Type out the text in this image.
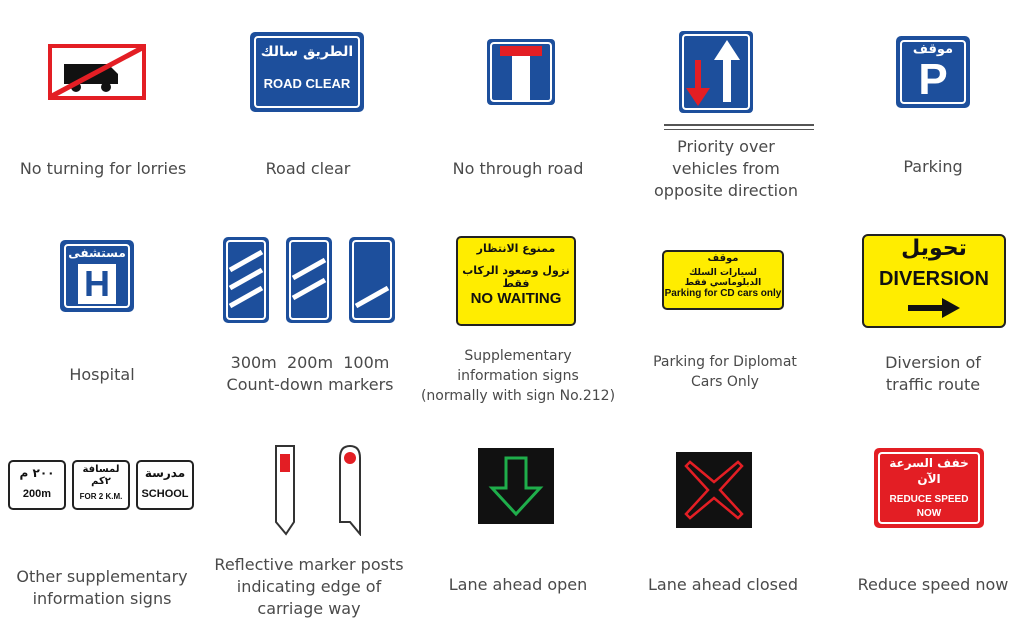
No turning for lorries
الطريق سالك
ROAD CLEAR
Road clear	No through road
Priority over
vehicles from
opposite direction
موقف
P
Parking
مستشفى
H
Hospital
300m  200m  100m
Count-down markers
ممنوع الانتظار
نزول وصعود الركاب فقط
NO WAITING
Supplementary
information signs
(normally with sign No.212)
موقف
لسيارات السلك الدبلوماسي فقط
Parking for CD cars only
Parking for Diplomat
Cars Only
تحويل
DIVERSION
Diversion of
traffic route
٢٠٠ م
200m
لمسافة
٢كم
FOR 2 K.M.
مدرسة
SCHOOL
Other supplementary
information signs
Reflective marker posts
indicating edge of
carriage way
Lane ahead open	Lane ahead closed
خفف السرعة
الآن
REDUCE SPEED
NOW
Reduce speed now
